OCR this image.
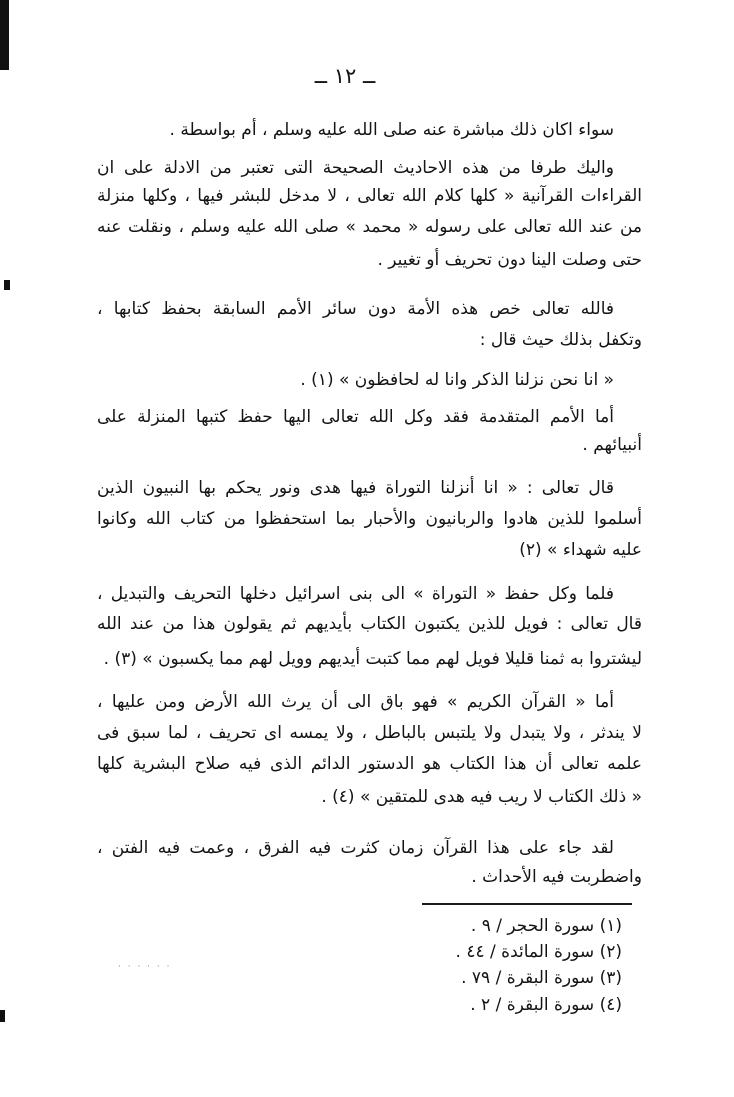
ــ ١٢ ــ
سواء اكان ذلك مباشرة عنه صلى الله عليه وسلم ، أم بواسطة .
واليك طرفا من هذه الاحاديث الصحيحة التى تعتبر من الادلة على ان
القراءات القرآنية « كلها كلام الله تعالى ، لا مدخل للبشر فيها ، وكلها منزلة
من عند الله تعالى على رسوله « محمد » صلى الله عليه وسلم ، ونقلت عنه
حتى وصلت الينا دون تحريف أو تغيير .
فالله تعالى خص هذه الأمة دون سائر الأمم السابقة بحفظ كتابها ،
وتكفل بذلك حيث قال :
« انا نحن نزلنا الذكر وانا له لحافظون » (١) .
أما الأمم المتقدمة فقد وكل الله تعالى اليها حفظ كتبها المنزلة على
أنبيائهم .
قال تعالى : « انا أنزلنا التوراة فيها هدى ونور يحكم بها النبيون الذين
أسلموا للذين هادوا والربانيون والأحبار بما استحفظوا من كتاب الله وكانوا
عليه شهداء » (٢)
فلما وكل حفظ « التوراة » الى بنى اسرائيل دخلها التحريف والتبديل ،
قال تعالى : فويل للذين يكتبون الكتاب بأيديهم ثم يقولون هذا من عند الله
ليشتروا به ثمنا قليلا فويل لهم مما كتبت أيديهم وويل لهم مما يكسبون » (٣) .
أما « القرآن الكريم » فهو باق الى أن يرث الله الأرض ومن عليها ،
لا يندثر ، ولا يتبدل ولا يلتبس بالباطل ، ولا يمسه اى تحريف ، لما سبق فى
علمه تعالى أن هذا الكتاب هو الدستور الدائم الذى فيه صلاح البشرية كلها
« ذلك الكتاب لا ريب فيه هدى للمتقين » (٤) .
لقد جاء على هذا القرآن زمان كثرت فيه الفرق ، وعمت فيه الفتن ،
واضطربت فيه الأحداث .
(١) سورة الحجر / ٩ .
(٢) سورة المائدة / ٤٤ .
(٣) سورة البقرة / ٧٩ .
(٤) سورة البقرة / ٢ .
· · · · · ·
